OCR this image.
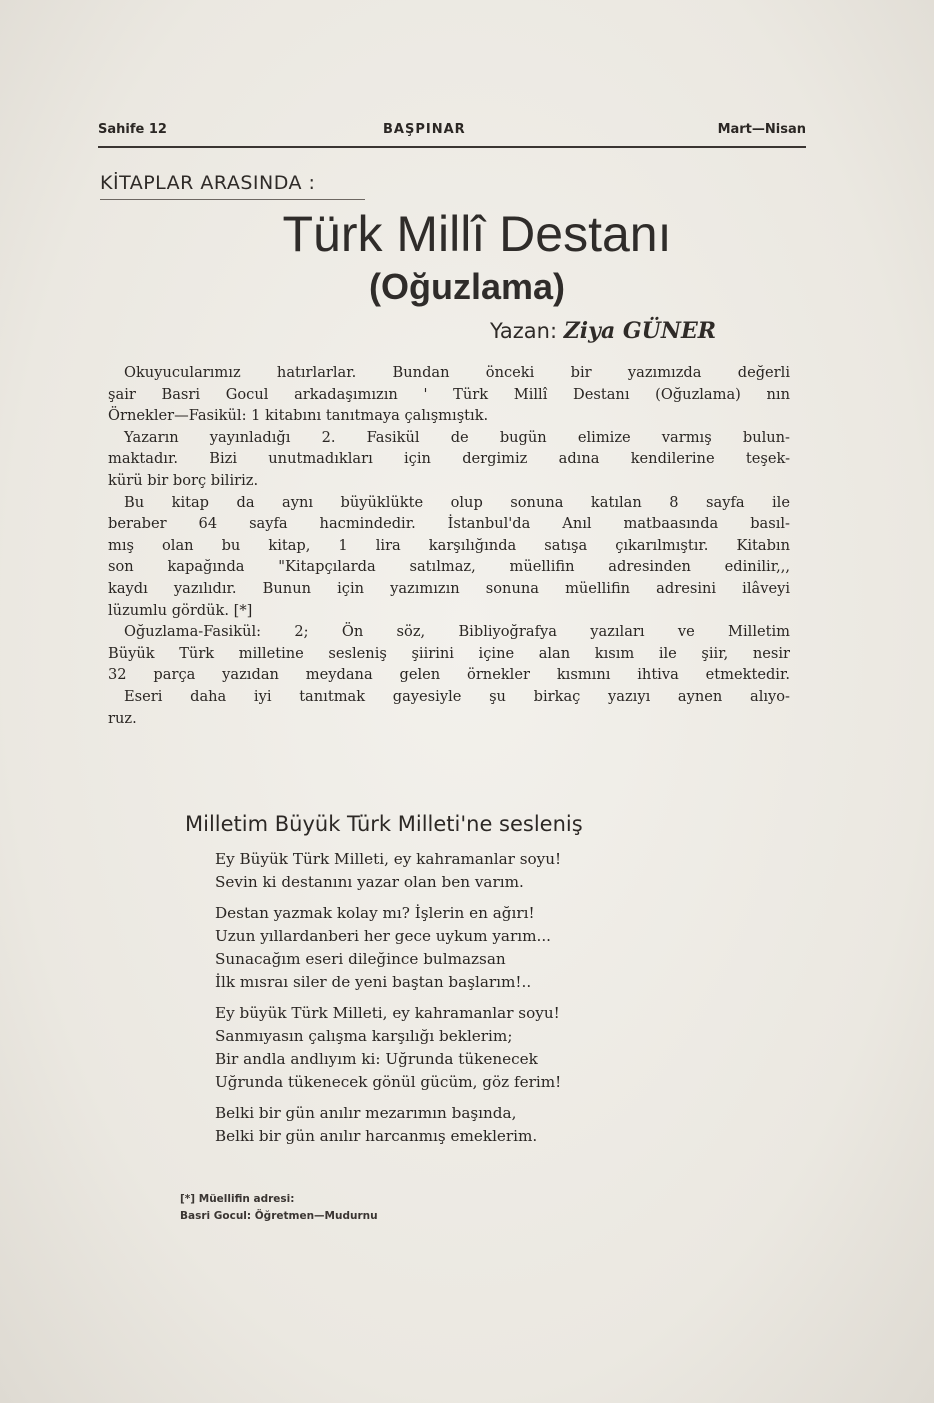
Sahife 12	BAŞPINAR	Mart—Nisan
KİTAPLAR ARASINDA :
Türk Millî Destanı
(Oğuzlama)
Yazan: Ziya GÜNER
Okuyucularımız hatırlarlar. Bundan önceki bir yazımızda değerli
şair Basri Gocul arkadaşımızın ' Türk Millî Destanı (Oğuzlama) nın
Örnekler—Fasikül: 1 kitabını tanıtmaya çalışmıştık.
Yazarın yayınladığı 2. Fasikül de bugün elimize varmış bulun-
maktadır. Bizi unutmadıkları için dergimiz adına kendilerine teşek-
kürü bir borç biliriz.
Bu kitap da aynı büyüklükte olup sonuna katılan 8 sayfa ile
beraber 64 sayfa hacmindedir. İstanbul'da Anıl matbaasında basıl-
mış olan bu kitap, 1 lira karşılığında satışa çıkarılmıştır. Kitabın
son kapağında "Kitapçılarda satılmaz, müellifin adresinden edinilir,,,
kaydı yazılıdır. Bunun için yazımızın sonuna müellifin adresini ilâveyi
lüzumlu gördük. [*]
Oğuzlama-Fasikül: 2; Ön söz, Bibliyoğrafya yazıları ve Milletim
Büyük Türk milletine sesleniş şiirini içine alan kısım ile şiir, nesir
32 parça yazıdan meydana gelen örnekler kısmını ihtiva etmektedir.
Eseri daha iyi tanıtmak gayesiyle şu birkaç yazıyı aynen alıyo-
ruz.
Milletim Büyük Türk Milleti'ne sesleniş
Ey Büyük Türk Milleti, ey kahramanlar soyu!
Sevin ki destanını yazar olan ben varım.
Destan yazmak kolay mı? İşlerin en ağırı!
Uzun yıllardanberi her gece uykum yarım...
Sunacağım eseri dileğince bulmazsan
İlk mısraı siler de yeni baştan başlarım!..
Ey büyük Türk Milleti, ey kahramanlar soyu!
Sanmıyasın çalışma karşılığı beklerim;
Bir andla andlıyım ki: Uğrunda tükenecek
Uğrunda tükenecek gönül gücüm, göz ferim!
Belki bir gün anılır mezarımın başında,
Belki bir gün anılır harcanmış emeklerim.
[*] Müellifin adresi:
Basri Gocul: Öğretmen—Mudurnu
